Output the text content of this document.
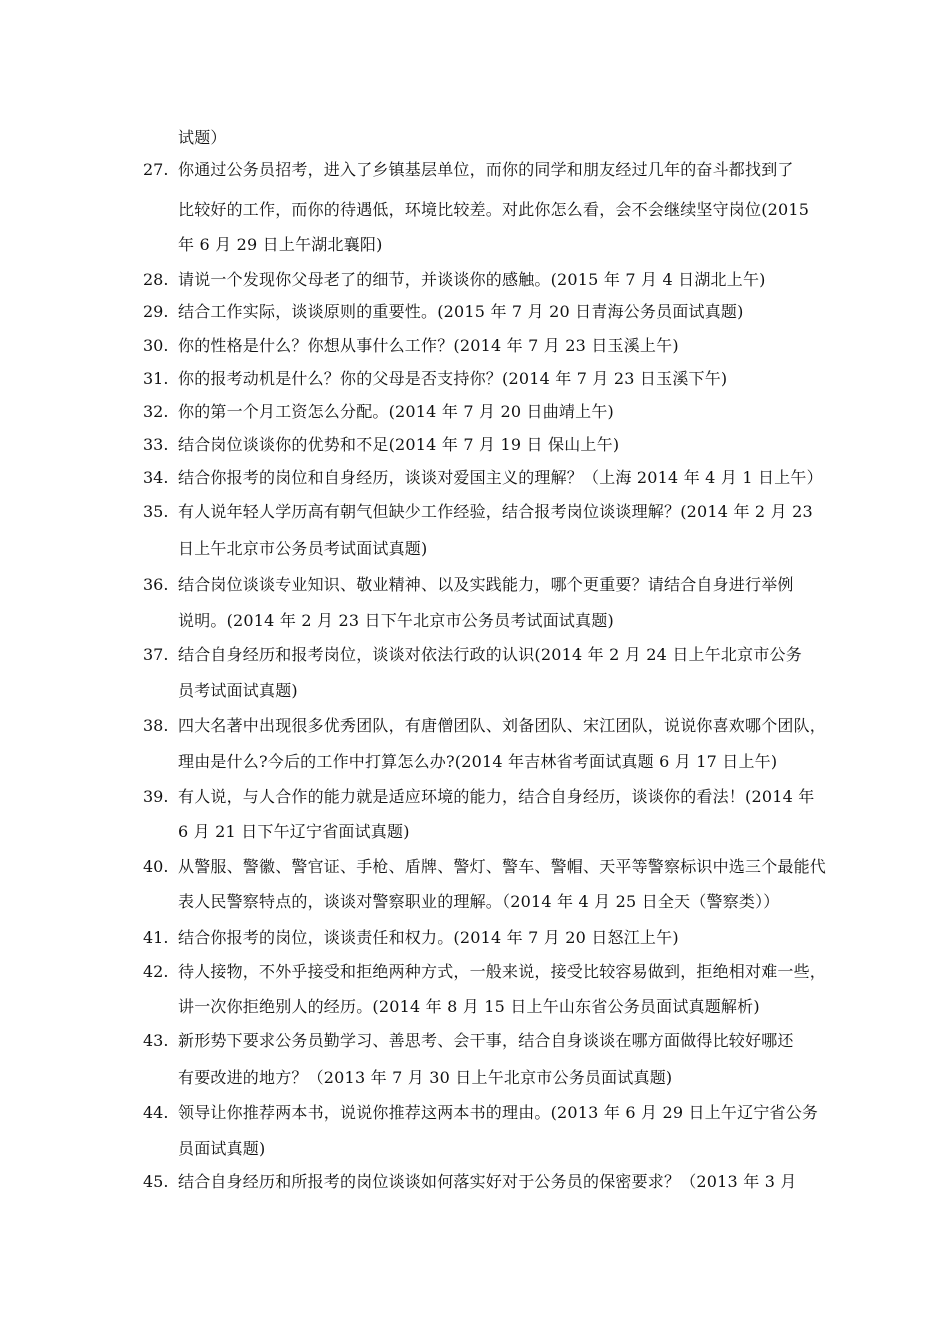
试题）
27. 你通过公务员招考，进入了乡镇基层单位，而你的同学和朋友经过几年的奋斗都找到了
比较好的工作，而你的待遇低，环境比较差。对此你怎么看，会不会继续坚守岗位(2015
年 6 月 29 日上午湖北襄阳)
28. 请说一个发现你父母老了的细节，并谈谈你的感触。(2015 年 7 月 4 日湖北上午)
29. 结合工作实际，谈谈原则的重要性。(2015 年 7 月 20 日青海公务员面试真题)
30. 你的性格是什么？你想从事什么工作？(2014 年 7 月 23 日玉溪上午)
31. 你的报考动机是什么？你的父母是否支持你？(2014 年 7 月 23 日玉溪下午)
32. 你的第一个月工资怎么分配。(2014 年 7 月 20 日曲靖上午)
33. 结合岗位谈谈你的优势和不足(2014 年 7 月 19 日 保山上午)
34. 结合你报考的岗位和自身经历，谈谈对爱国主义的理解？（上海 2014 年 4 月 1 日上午）
35. 有人说年轻人学历高有朝气但缺少工作经验，结合报考岗位谈谈理解？(2014 年 2 月 23
日上午北京市公务员考试面试真题)
36. 结合岗位谈谈专业知识、敬业精神、以及实践能力，哪个更重要？请结合自身进行举例
说明。(2014 年 2 月 23 日下午北京市公务员考试面试真题)
37. 结合自身经历和报考岗位，谈谈对依法行政的认识(2014 年 2 月 24 日上午北京市公务
员考试面试真题)
38. 四大名著中出现很多优秀团队，有唐僧团队、刘备团队、宋江团队，说说你喜欢哪个团队，
理由是什么?今后的工作中打算怎么办?(2014 年吉林省考面试真题 6 月 17 日上午)
39. 有人说，与人合作的能力就是适应环境的能力，结合自身经历，谈谈你的看法！(2014 年
6 月 21 日下午辽宁省面试真题)
40. 从警服、警徽、警官证、手枪、盾牌、警灯、警车、警帽、天平等警察标识中选三个最能代
表人民警察特点的，谈谈对警察职业的理解。（2014 年 4 月 25 日全天（警察类））
41. 结合你报考的岗位，谈谈责任和权力。(2014 年 7 月 20 日怒江上午)
42. 待人接物，不外乎接受和拒绝两种方式，一般来说，接受比较容易做到，拒绝相对难一些，
讲一次你拒绝别人的经历。(2014 年 8 月 15 日上午山东省公务员面试真题解析)
43. 新形势下要求公务员勤学习、善思考、会干事，结合自身谈谈在哪方面做得比较好哪还
有要改进的地方？（2013 年 7 月 30 日上午北京市公务员面试真题)
44. 领导让你推荐两本书，说说你推荐这两本书的理由。(2013 年 6 月 29 日上午辽宁省公务
员面试真题)
45. 结合自身经历和所报考的岗位谈谈如何落实好对于公务员的保密要求？（2013 年 3 月
